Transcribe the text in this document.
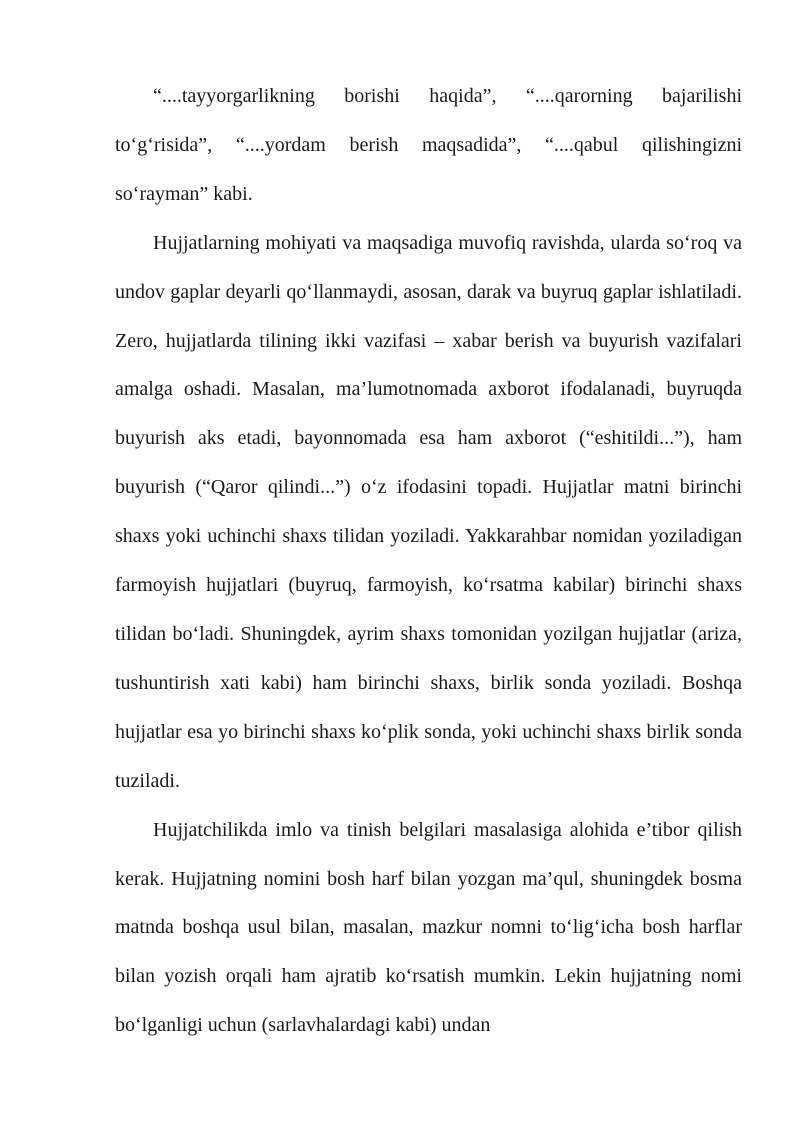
“....tayyorgarlikning borishi haqida”, “....qarorning bajarilishi to‘g‘risida”, “....yordam berish maqsadida”, “....qabul qilishingizni so‘rayman” kabi.

Hujjatlarning mohiyati va maqsadiga muvofiq ravishda, ularda so‘roq va undov gaplar deyarli qo‘llanmaydi, asosan, darak va buyruq gaplar ishlatiladi. Zero, hujjatlarda tilining ikki vazifasi – xabar berish va buyurish vazifalari amalga oshadi. Masalan, ma’lumotnomada axborot ifodalanadi, buyruqda buyurish aks etadi, bayonnomada esa ham axborot (“eshitildi...”), ham buyurish (“Qaror qilindi...”) o‘z ifodasini topadi. Hujjatlar matni birinchi shaxs yoki uchinchi shaxs tilidan yoziladi. Yakkarahbar nomidan yoziladigan farmoyish hujjatlari (buyruq, farmoyish, ko‘rsatma kabilar) birinchi shaxs tilidan bo‘ladi. Shuningdek, ayrim shaxs tomonidan yozilgan hujjatlar (ariza, tushuntirish xati kabi) ham birinchi shaxs, birlik sonda yoziladi. Boshqa hujjatlar esa yo birinchi shaxs ko‘plik sonda, yoki uchinchi shaxs birlik sonda tuziladi.

Hujjatchilikda imlo va tinish belgilari masalasiga alohida e’tibor qilish kerak. Hujjatning nomini bosh harf bilan yozgan ma’qul, shuningdek bosma matnda boshqa usul bilan, masalan, mazkur nomni to‘lig‘icha bosh harflar bilan yozish orqali ham ajratib ko‘rsatish mumkin. Lekin hujjatning nomi bo‘lganligi uchun (sarlavhalardagi kabi) undan
